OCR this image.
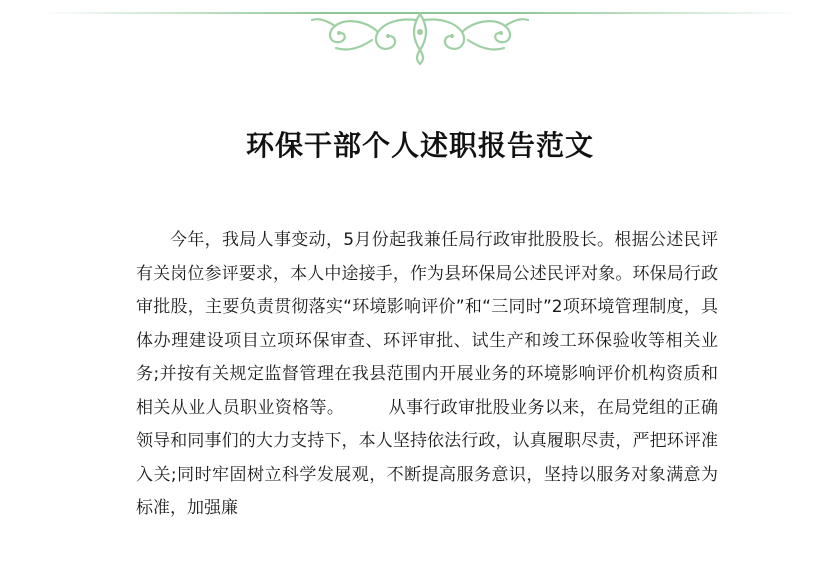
环保干部个人述职报告范文

今年，我局人事变动，5月份起我兼任局行政审批股股长。根据公述民评有关岗位参评要求，本人中途接手，作为县环保局公述民评对象。环保局行政审批股，主要负责贯彻落实“环境影响评价”和“三同时”2项环境管理制度，具体办理建设项目立项环保审查、环评审批、试生产和竣工环保验收等相关业务;并按有关规定监督管理在我县范围内开展业务的环境影响评价机构资质和相关从业人员职业资格等。	从事行政审批股业务以来，在局党组的正确领导和同事们的大力支持下，本人坚持依法行政，认真履职尽责，严把环评准入关;同时牢固树立科学发展观，不断提高服务意识，坚持以服务对象满意为标准，加强廉
